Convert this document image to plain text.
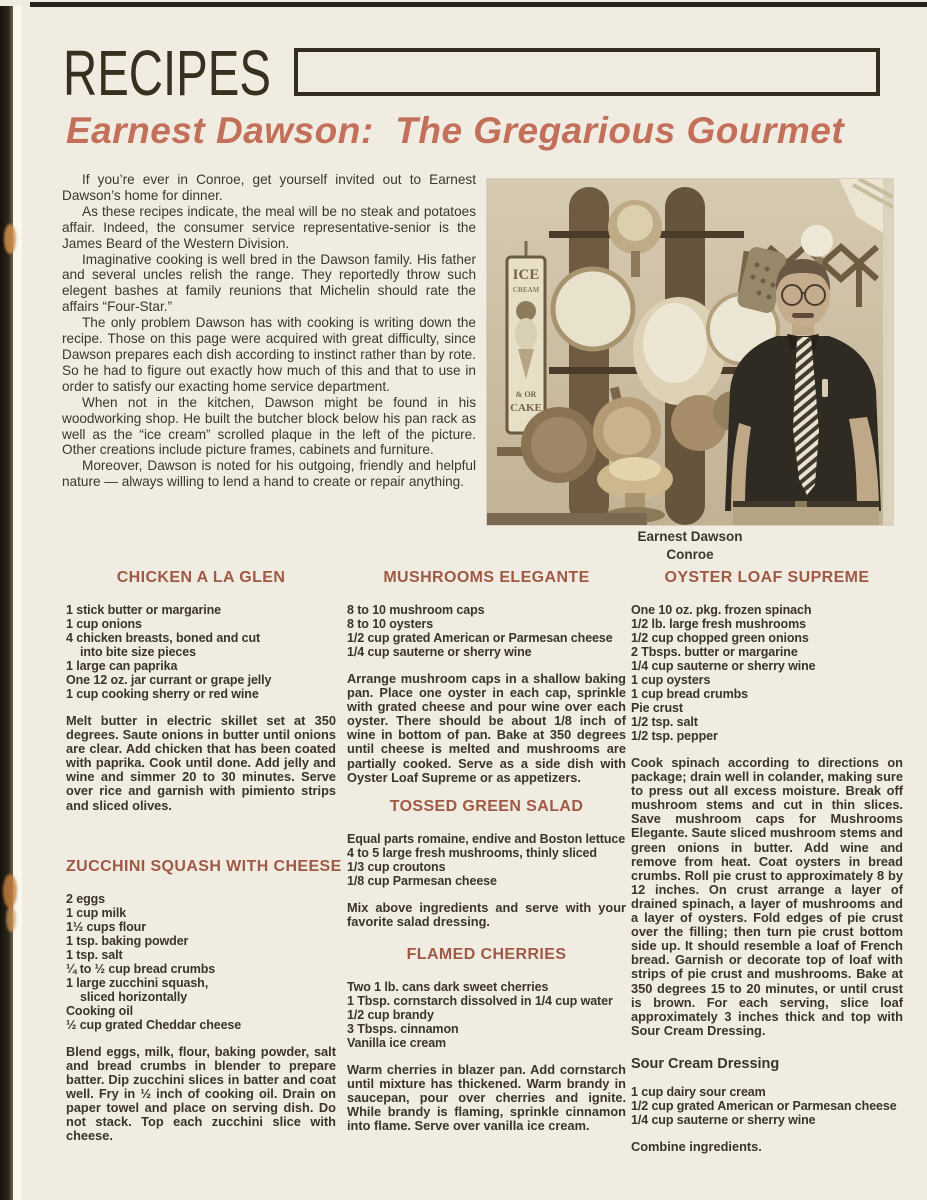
RECIPES
Earnest Dawson:  The Gregarious Gourmet

If you’re ever in Conroe, get yourself invited out to Earnest Dawson’s home for dinner.

As these recipes indicate, the meal will be no steak and potatoes affair. Indeed, the consumer service representative-senior is the James Beard of the Western Division.

Imaginative cooking is well bred in the Dawson family. His father and several uncles relish the range. They reportedly throw such elegent bashes at family reunions that Michelin should rate the affairs “Four-Star.”

The only problem Dawson has with cooking is writing down the recipe. Those on this page were acquired with great difficulty, since Dawson prepares each dish according to instinct rather than by rote. So he had to figure out exactly how much of this and that to use in order to satisfy our exacting home service department.

When not in the kitchen, Dawson might be found in his woodworking shop. He built the butcher block below his pan rack as well as the “ice cream” scrolled plaque in the left of the picture. Other creations include picture frames, cabinets and furniture.

Moreover, Dawson is noted for his outgoing, friendly and helpful nature — always willing to lend a hand to create or repair anything.

ICE
CREAM
& OR
CAKE
Earnest Dawson
Conroe
CHICKEN A LA GLEN
1 stick butter or margarine
1 cup onions
4 chicken breasts, boned and cut
into bite size pieces
1 large can paprika
One 12 oz. jar currant or grape jelly
1 cup cooking sherry or red wine

Melt butter in electric skillet set at 350 degrees. Saute onions in butter until onions are clear. Add chicken that has been coated with paprika. Cook until done. Add jelly and wine and simmer 20 to 30 minutes. Serve over rice and garnish with pimiento strips and sliced olives.

ZUCCHINI SQUASH WITH CHEESE
2 eggs
1 cup milk
1½ cups flour
1 tsp. baking powder
1 tsp. salt
¼ to ½ cup bread crumbs
1 large zucchini squash,
sliced horizontally
Cooking oil
½ cup grated Cheddar cheese

Blend eggs, milk, flour, baking powder, salt and bread crumbs in blender to prepare batter. Dip zucchini slices in batter and coat well. Fry in ½ inch of cooking oil. Drain on paper towel and place on serving dish. Do not stack. Top each zucchini slice with cheese.

MUSHROOMS ELEGANTE
8 to 10 mushroom caps
8 to 10 oysters
1/2 cup grated American or Parmesan cheese
1/4 cup sauterne or sherry wine

Arrange mushroom caps in a shallow baking pan. Place one oyster in each cap, sprinkle with grated cheese and pour wine over each oyster. There should be about 1/8 inch of wine in bottom of pan. Bake at 350 degrees until cheese is melted and mushrooms are partially cooked. Serve as a side dish with Oyster Loaf Supreme or as appetizers.

TOSSED GREEN SALAD
Equal parts romaine, endive and Boston lettuce
4 to 5 large fresh mushrooms, thinly sliced
1/3 cup croutons
1/8 cup Parmesan cheese

Mix above ingredients and serve with your favorite salad dressing.

FLAMED CHERRIES
Two 1 lb. cans dark sweet cherries
1 Tbsp. cornstarch dissolved in 1/4 cup water
1/2 cup brandy
3 Tbsps. cinnamon
Vanilla ice cream

Warm cherries in blazer pan. Add cornstarch until mixture has thickened. Warm brandy in saucepan, pour over cherries and ignite. While brandy is flaming, sprinkle cinnamon into flame. Serve over vanilla ice cream.

OYSTER LOAF SUPREME
One 10 oz. pkg. frozen spinach
1/2 lb. large fresh mushrooms
1/2 cup chopped green onions
2 Tbsps. butter or margarine
1/4 cup sauterne or sherry wine
1 cup oysters
1 cup bread crumbs
Pie crust
1/2 tsp. salt
1/2 tsp. pepper

Cook spinach according to directions on package; drain well in colander, making sure to press out all excess moisture. Break off mushroom stems and cut in thin slices. Save mushroom caps for Mushrooms Elegante. Saute sliced mushroom stems and green onions in butter. Add wine and remove from heat. Coat oysters in bread crumbs. Roll pie crust to approximately 8 by 12 inches. On crust arrange a layer of drained spinach, a layer of mushrooms and a layer of oysters. Fold edges of pie crust over the filling; then turn pie crust bottom side up. It should resemble a loaf of French bread. Garnish or decorate top of loaf with strips of pie crust and mushrooms. Bake at 350 degrees 15 to 20 minutes, or until crust is brown. For each serving, slice loaf approximately 3 inches thick and top with Sour Cream Dressing.

Sour Cream Dressing
1 cup dairy sour cream
1/2 cup grated American or Parmesan cheese
1/4 cup sauterne or sherry wine

Combine ingredients.
